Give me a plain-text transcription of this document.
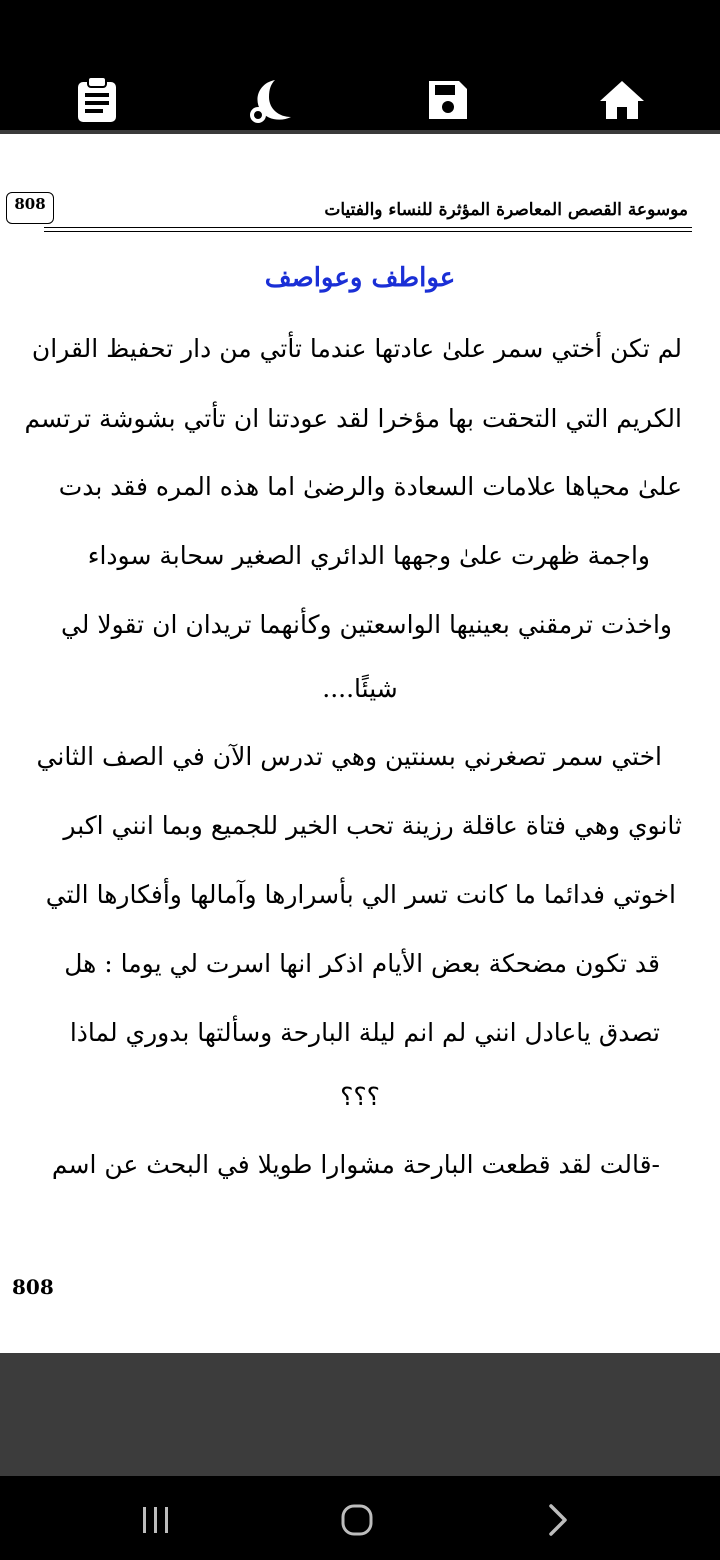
808	موسوعة القصص المعاصرة المؤثرة للنساء والفتيات
عواطف وعواصف
لم تكن أختي سمر علىٰ عادتها عندما تأتي من دار تحفيظ القران
الكريم التي التحقت بها مؤخرا لقد عودتنا ان تأتي بشوشة ترتسم
علىٰ محياها علامات السعادة والرضىٰ اما هذه المره فقد بدت
واجمة ظهرت علىٰ وجهها الدائري الصغير سحابة سوداء
واخذت ترمقني بعينيها الواسعتين وكأنهما تريدان ان تقولا لي
شيئًا....
اختي سمر تصغرني بسنتين وهي تدرس الآن في الصف الثاني
ثانوي وهي فتاة عاقلة رزينة تحب الخير للجميع وبما انني اكبر
اخوتي فدائما ما كانت تسر الي بأسرارها وآمالها وأفكارها التي
قد تكون مضحكة بعض الأيام اذكر انها اسرت لي يوما : هل
تصدق ياعادل انني لم انم ليلة البارحة وسألتها بدوري لماذا
؟؟؟
-قالت لقد قطعت البارحة مشوارا طويلا في البحث عن اسم
808
